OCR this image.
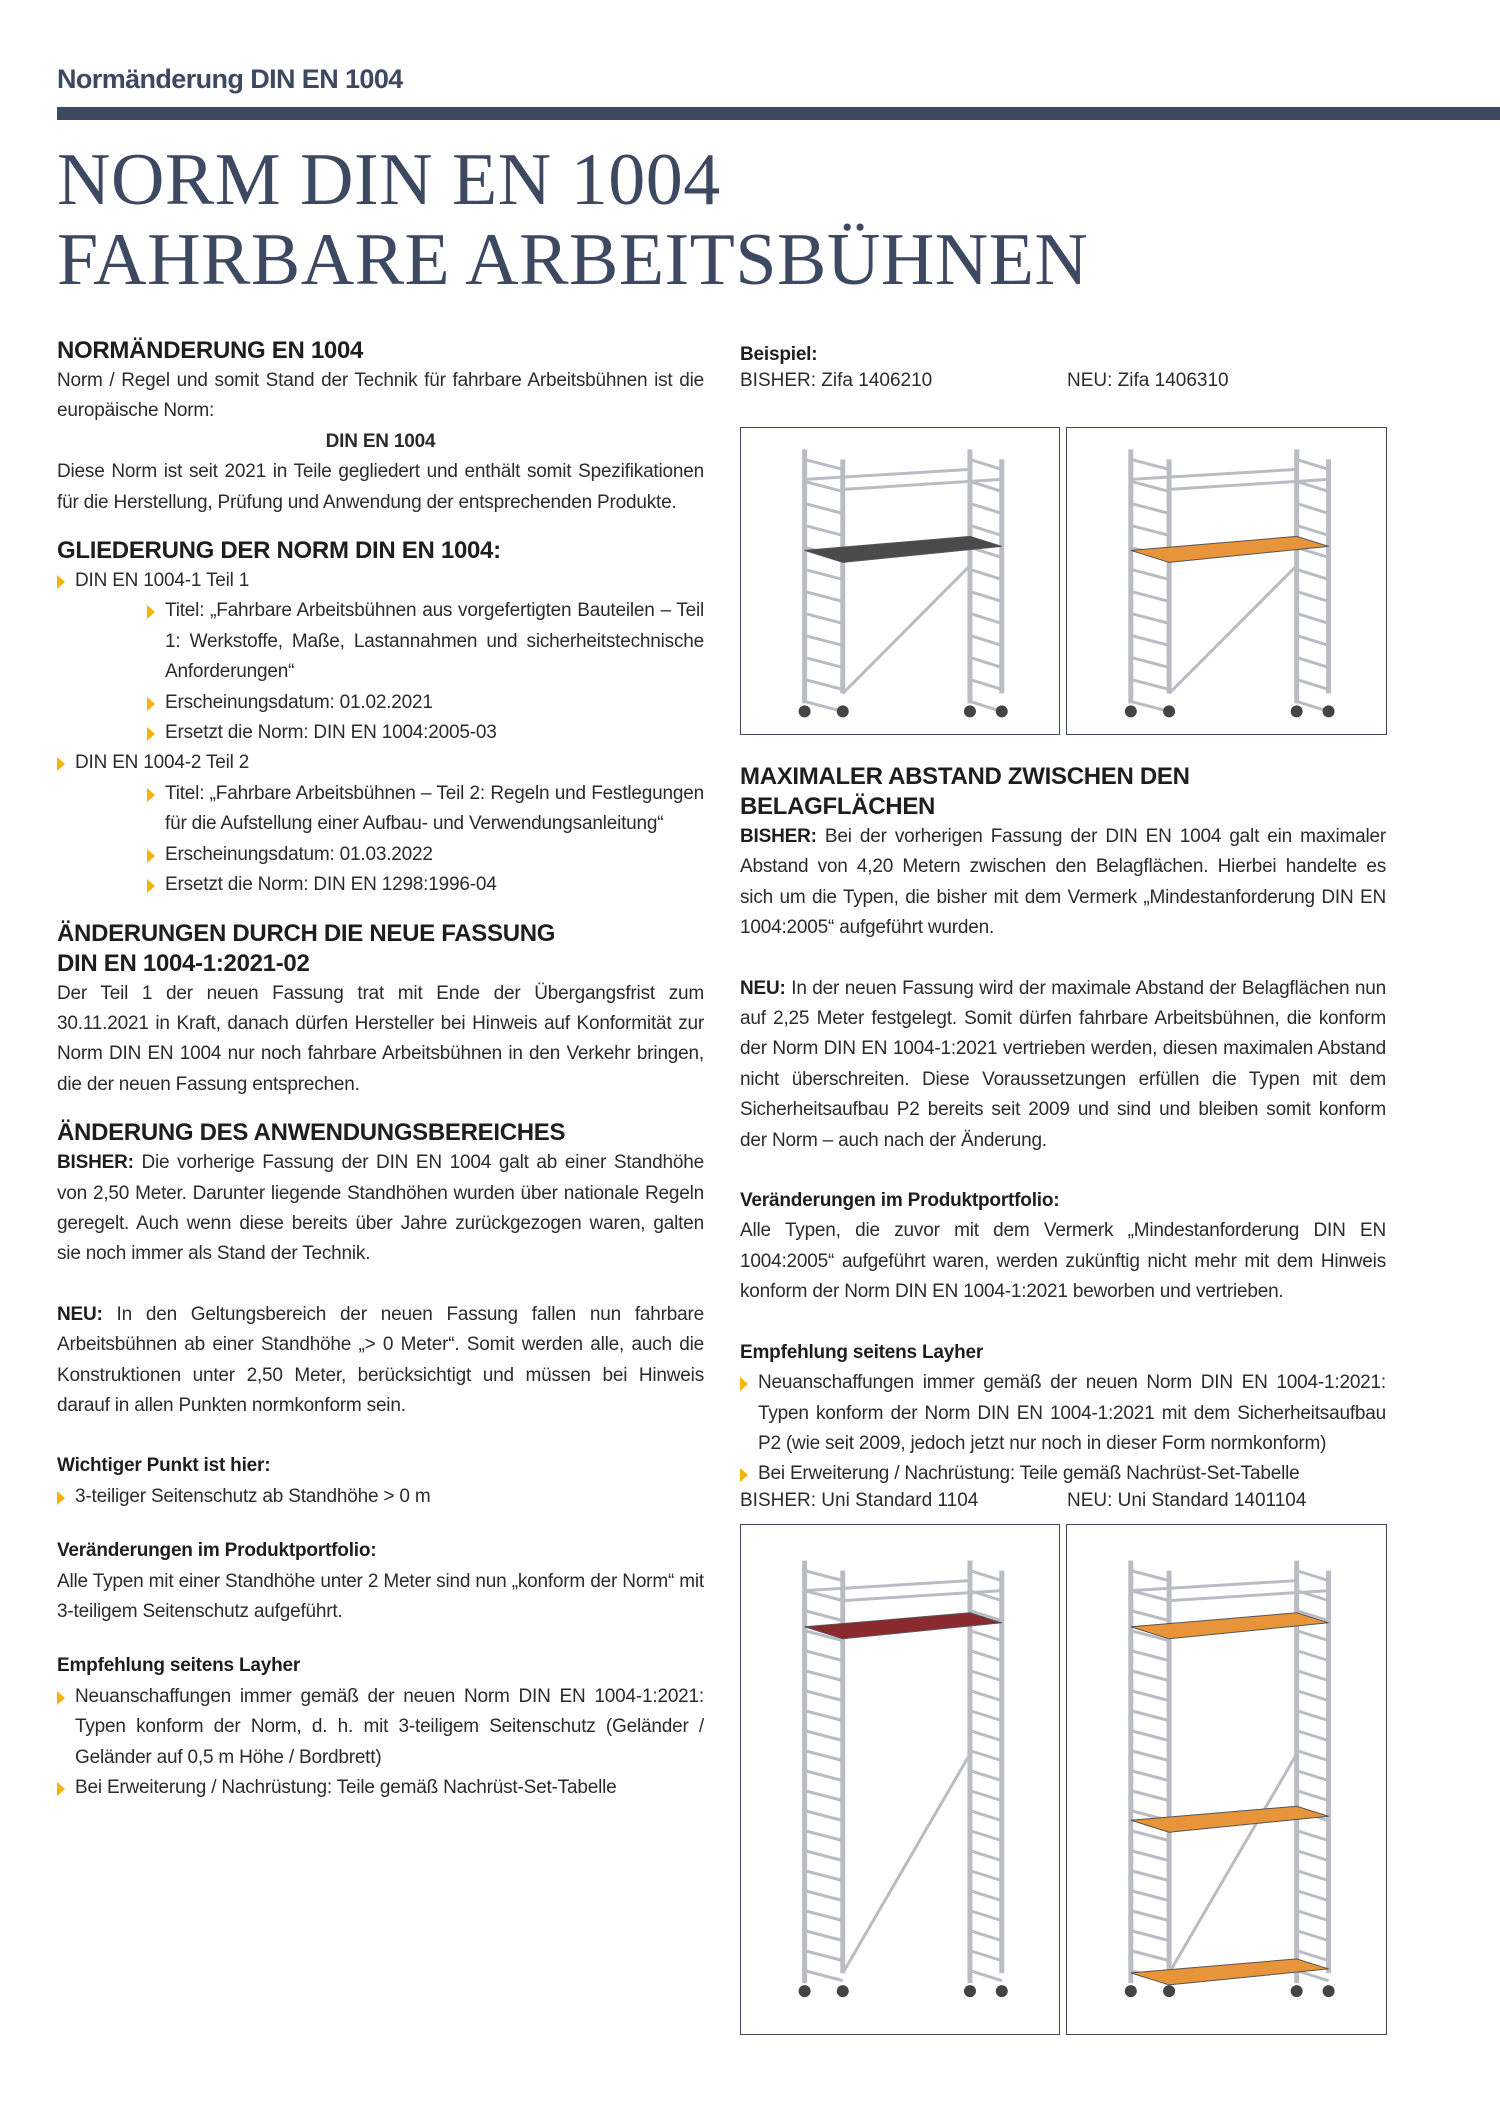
Normänderung DIN EN 1004
NORM DIN EN 1004
FAHRBARE ARBEITSBÜHNEN
NORMÄNDERUNG EN 1004

Norm / Regel und somit Stand der Technik für fahrbare Arbeitsbühnen ist die europäische Norm:

DIN EN 1004

Diese Norm ist seit 2021 in Teile gegliedert und enthält somit Spezifikationen für die Herstellung, Prüfung und Anwendung der entsprechenden Produkte.

GLIEDERUNG DER NORM DIN EN 1004:
DIN EN 1004-1 Teil 1
Titel: „Fahrbare Arbeitsbühnen aus vorgefertigten Bauteilen – Teil 1: Werkstoffe, Maße, Lastannahmen und sicherheitstechnische Anforderungen“
Erscheinungsdatum: 01.02.2021
Ersetzt die Norm: DIN EN 1004:2005-03
DIN EN 1004-2 Teil 2
Titel: „Fahrbare Arbeitsbühnen – Teil 2: Regeln und Festlegungen für die Aufstellung einer Aufbau- und Verwendungsanleitung“
Erscheinungsdatum: 01.03.2022
Ersetzt die Norm: DIN EN 1298:1996-04
ÄNDERUNGEN DURCH DIE NEUE FASSUNG
DIN EN 1004-1:2021-02

Der Teil 1 der neuen Fassung trat mit Ende der Übergangsfrist zum 30.11.2021 in Kraft, danach dürfen Hersteller bei Hinweis auf Konformität zur Norm DIN EN 1004 nur noch fahrbare Arbeitsbühnen in den Verkehr bringen, die der neuen Fassung entsprechen.

ÄNDERUNG DES ANWENDUNGSBEREICHES

BISHER: Die vorherige Fassung der DIN EN 1004 galt ab einer Standhöhe von 2,50 Meter. Darunter liegende Standhöhen wurden über nationale Regeln geregelt. Auch wenn diese bereits über Jahre zurückgezogen waren, galten sie noch immer als Stand der Technik.

NEU: In den Geltungsbereich der neuen Fassung fallen nun fahrbare Arbeitsbühnen ab einer Standhöhe „> 0 Meter“. Somit werden alle, auch die Konstruktionen unter 2,50 Meter, berücksichtigt und müssen bei Hinweis darauf in allen Punkten normkonform sein.

Wichtiger Punkt ist hier:
3-teiliger Seitenschutz ab Standhöhe > 0 m
Veränderungen im Produktportfolio:

Alle Typen mit einer Standhöhe unter 2 Meter sind nun „konform der Norm“ mit 3-teiligem Seitenschutz aufgeführt.

Empfehlung seitens Layher
Neuanschaffungen immer gemäß der neuen Norm DIN EN 1004-1:2021: Typen konform der Norm, d. h. mit 3-teiligem Seitenschutz (Geländer / Geländer auf 0,5 m Höhe / Bordbrett)
Bei Erweiterung / Nachrüstung: Teile gemäß Nachrüst-Set-Tabelle
Beispiel:
BISHER: Zifa 1406210	NEU: Zifa 1406310
MAXIMALER ABSTAND ZWISCHEN DEN BELAGFLÄCHEN

BISHER: Bei der vorherigen Fassung der DIN EN 1004 galt ein maximaler Abstand von 4,20 Metern zwischen den Belagflächen. Hierbei handelte es sich um die Typen, die bisher mit dem Vermerk „Mindestanforderung DIN EN 1004:2005“ aufgeführt wurden.

NEU: In der neuen Fassung wird der maximale Abstand der Belagflächen nun auf 2,25 Meter festgelegt. Somit dürfen fahrbare Arbeitsbühnen, die konform der Norm DIN EN 1004-1:2021 vertrieben werden, diesen maximalen Abstand nicht überschreiten. Diese Voraussetzungen erfüllen die Typen mit dem Sicherheitsaufbau P2 bereits seit 2009 und sind und bleiben somit konform der Norm – auch nach der Änderung.

Veränderungen im Produktportfolio:

Alle Typen, die zuvor mit dem Vermerk „Mindestanforderung DIN EN 1004:2005“ aufgeführt waren, werden zukünftig nicht mehr mit dem Hinweis konform der Norm DIN EN 1004-1:2021 beworben und vertrieben.

Empfehlung seitens Layher
Neuanschaffungen immer gemäß der neuen Norm DIN EN 1004-1:2021: Typen konform der Norm DIN EN 1004-1:2021 mit dem Sicherheitsaufbau P2 (wie seit 2009, jedoch jetzt nur noch in dieser Form normkonform)
Bei Erweiterung / Nachrüstung: Teile gemäß Nachrüst-Set-Tabelle
BISHER: Uni Standard 1104	NEU: Uni Standard 1401104
